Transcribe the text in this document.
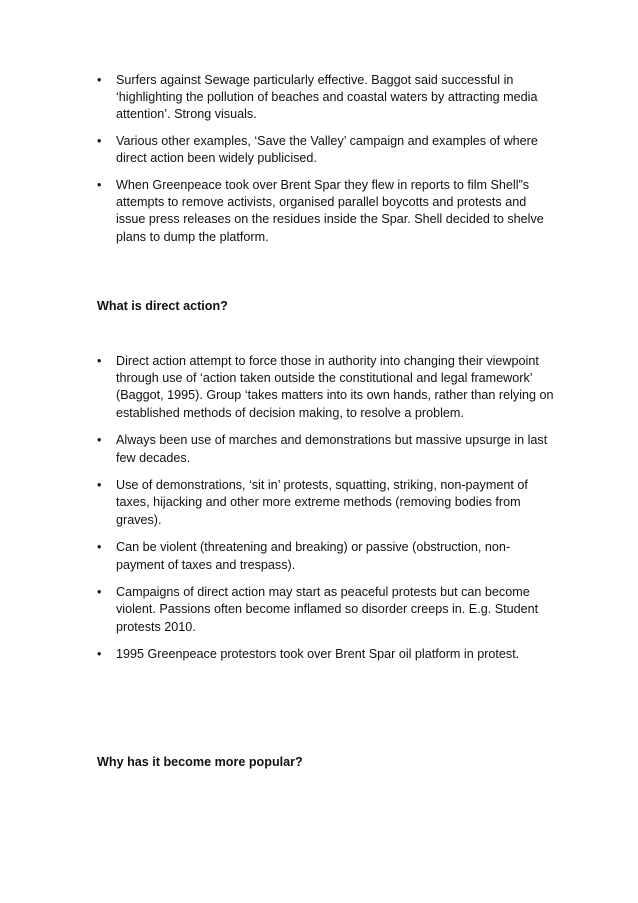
• Surfers against Sewage particularly effective. Baggot said successful in ‘highlighting the pollution of beaches and coastal waters by attracting media attention’. Strong visuals.
• Various other examples, ‘Save the Valley’ campaign and examples of where direct action been widely publicised.
• When Greenpeace took over Brent Spar they flew in reports to film Shell”s attempts to remove activists, organised parallel boycotts and protests and issue press releases on the residues inside the Spar. Shell decided to shelve plans to dump the platform.
What is direct action?
• Direct action attempt to force those in authority into changing their viewpoint through use of ‘action taken outside the constitutional and legal framework’ (Baggot, 1995). Group ‘takes matters into its own hands, rather than relying on established methods of decision making, to resolve a problem.
• Always been use of marches and demonstrations but massive upsurge in last few decades.
• Use of demonstrations, ‘sit in’ protests, squatting, striking, non-payment of taxes, hijacking and other more extreme methods (removing bodies from graves).
• Can be violent (threatening and breaking) or passive (obstruction, non-payment of taxes and trespass).
• Campaigns of direct action may start as peaceful protests but can become violent. Passions often become inflamed so disorder creeps in. E.g. Student protests 2010.
• 1995 Greenpeace protestors took over Brent Spar oil platform in protest.
Why has it become more popular?
